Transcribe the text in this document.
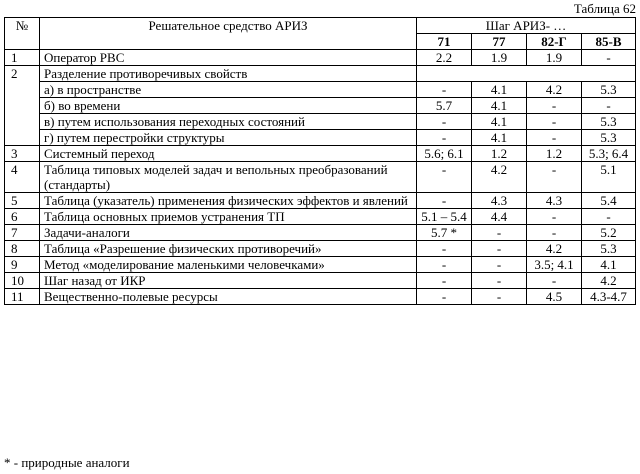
Таблица 62
№	Решательное средство АРИЗ	Шаг АРИЗ- …			
		71	77	82-Г	85-В
1	Оператор РВС	2.2	1.9	1.9	-
2	Разделение противоречивых свойств				
	а) в пространстве	-	4.1	4.2	5.3
	б) во времени	5.7	4.1	-	-
	в) путем использования переходных состояний	-	4.1	-	5.3
	г) путем перестройки структуры	-	4.1	-	5.3
3	Системный переход	5.6; 6.1	1.2	1.2	5.3; 6.4
4	Таблица типовых моделей задач и вепольных преобразований (стандарты)	-	4.2	-	5.1
5	Таблица (указатель) применения физических эффектов и явлений	-	4.3	4.3	5.4
6	Таблица основных приемов устранения ТП	5.1 – 5.4	4.4	-	-
7	Задачи-аналоги	5.7 *	-	-	5.2
8	Таблица «Разрешение физических противоречий»	-	-	4.2	5.3
9	Метод «моделирование маленькими человечками»	-	-	3.5; 4.1	4.1
10	Шаг назад от ИКР	-	-	-	4.2
11	Вещественно-полевые ресурсы	-	-	4.5	4.3-4.7
* - природные аналоги
